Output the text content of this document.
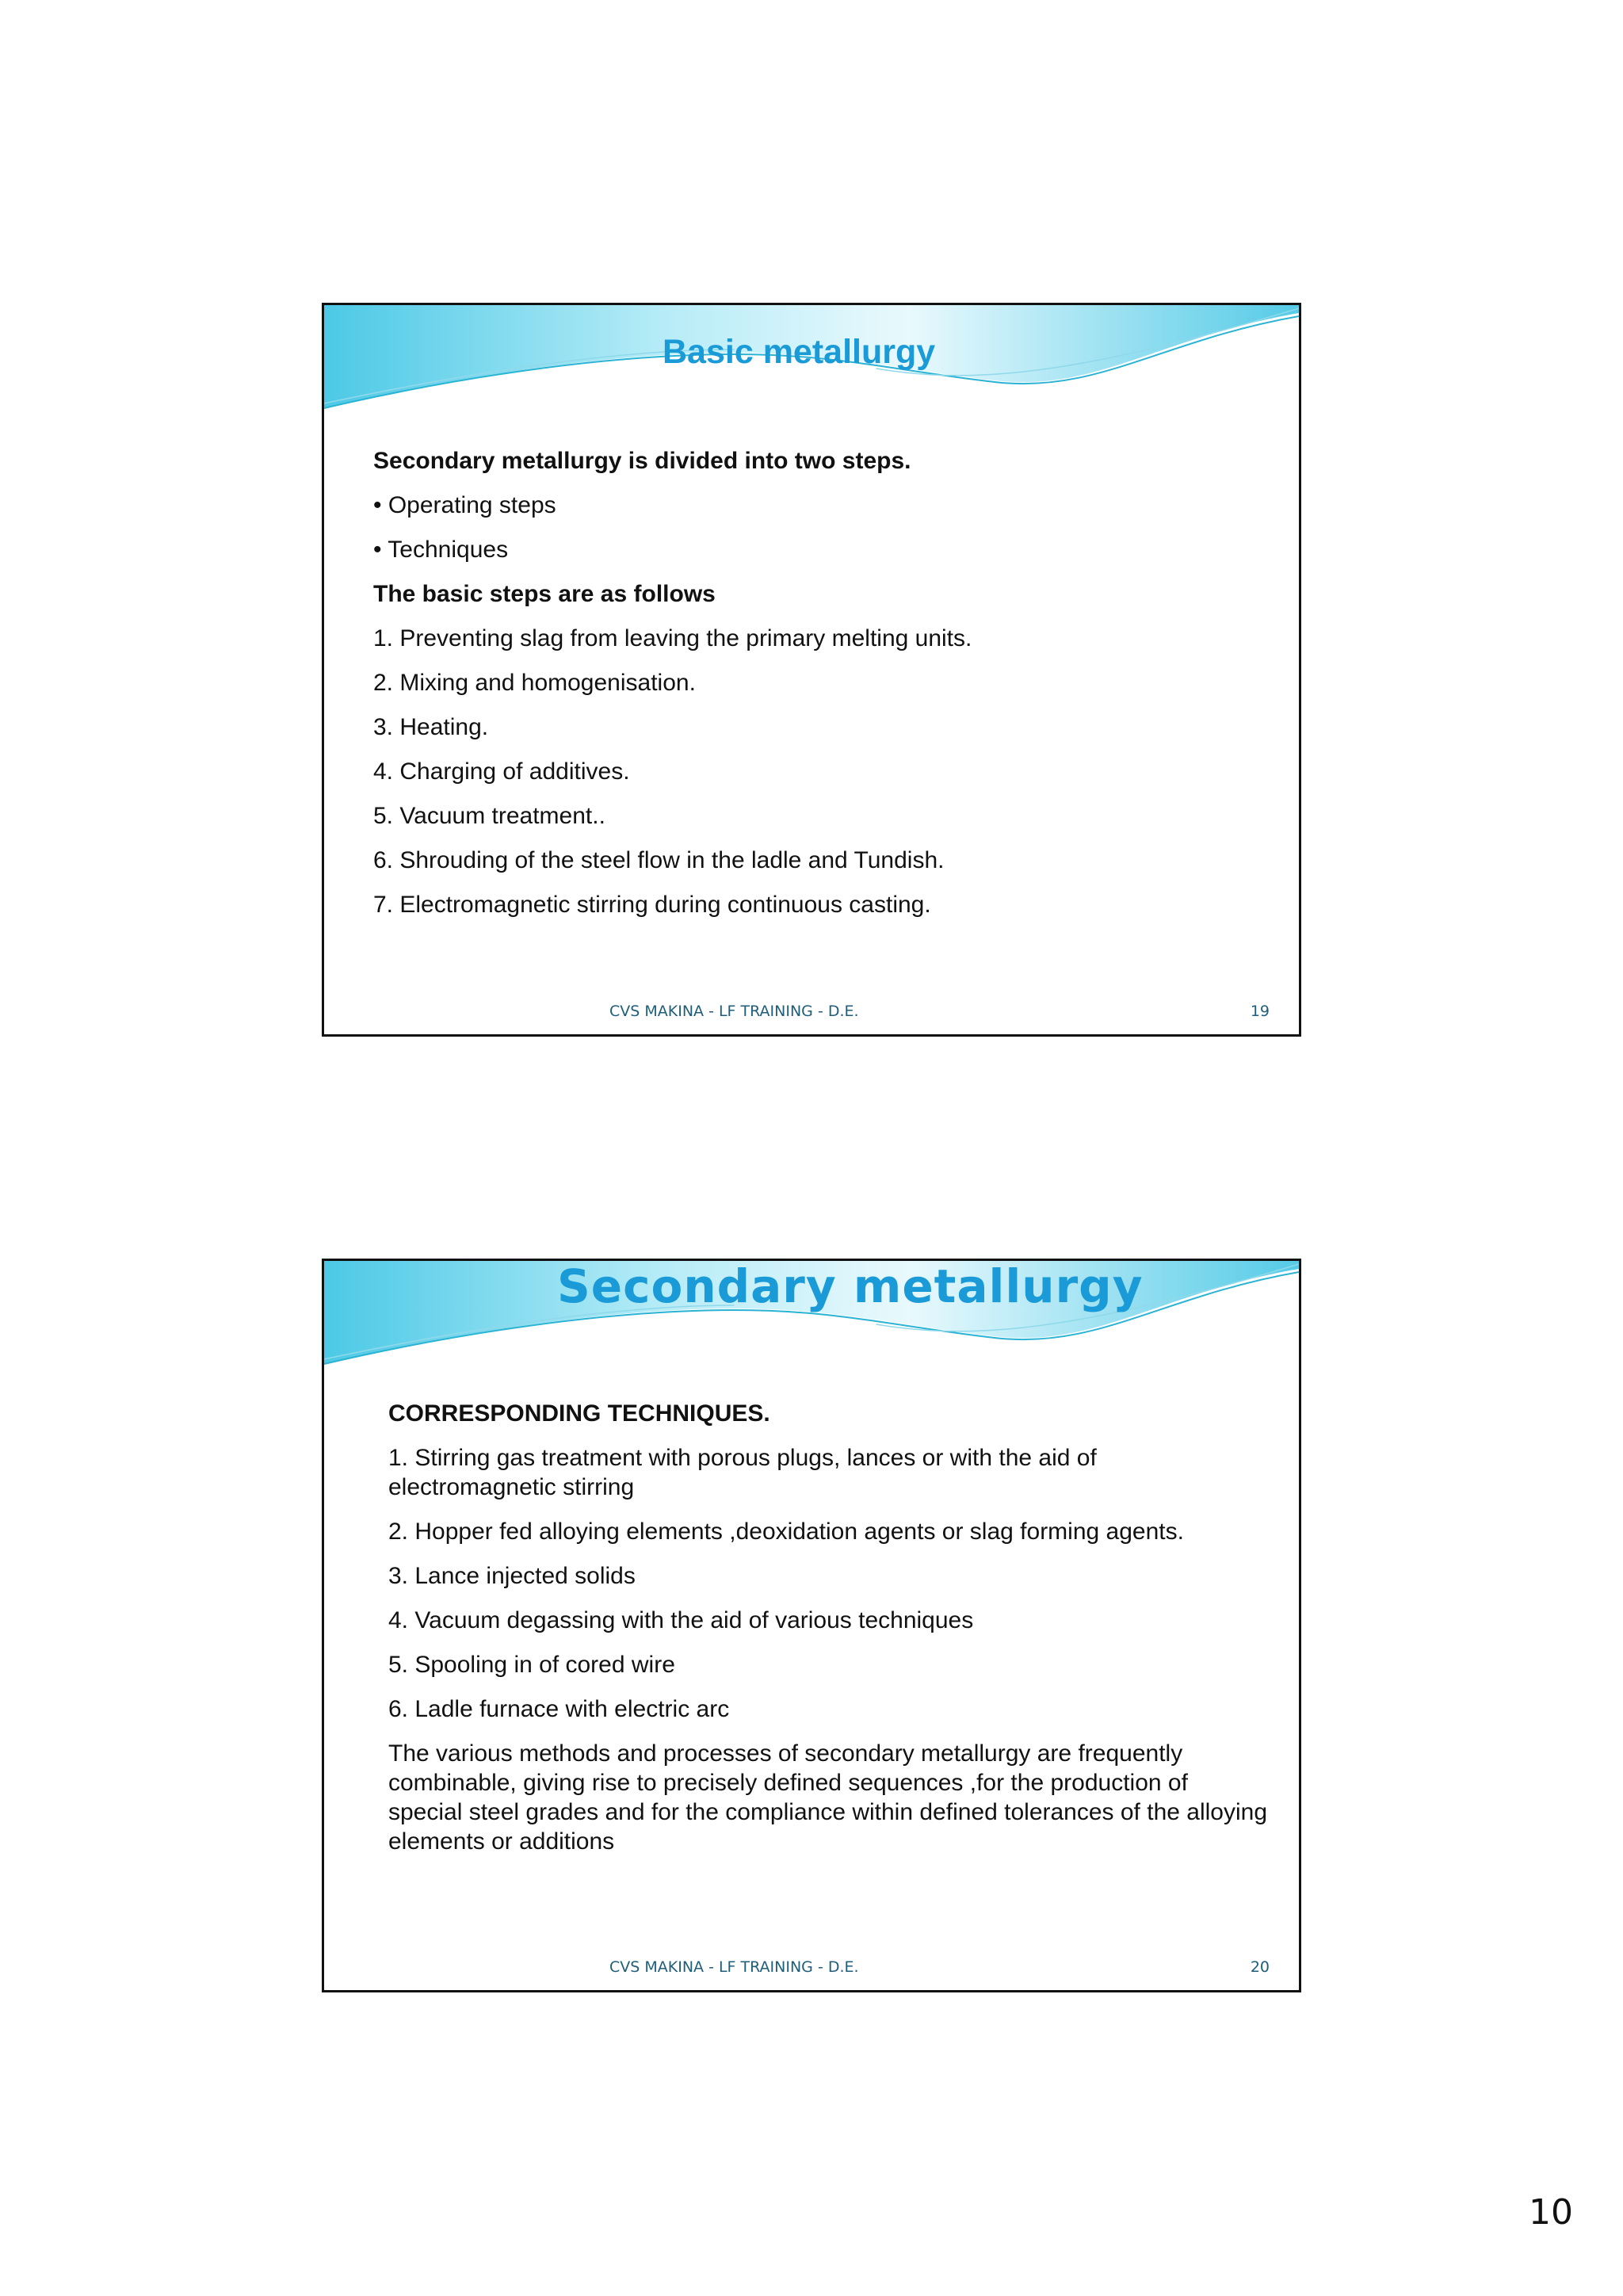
Basic metallurgy

Secondary metallurgy is divided into two steps.

• Operating steps

• Techniques

The basic steps are as follows

1. Preventing slag from leaving the primary melting units.

2. Mixing and homogenisation.

3. Heating.

4. Charging of additives.

5. Vacuum treatment..

6. Shrouding of the steel flow in the ladle and Tundish.

7. Electromagnetic stirring during continuous casting.

CVS MAKINA - LF TRAINING - D.E.	19
Secondary metallurgy

CORRESPONDING TECHNIQUES.

1. Stirring gas treatment with porous plugs, lances or with the aid of electromagnetic stirring

2. Hopper fed alloying elements ,deoxidation agents or slag forming agents.

3. Lance injected solids

4. Vacuum degassing with the aid of various techniques

5. Spooling in of cored wire

6. Ladle furnace with electric arc

The various methods and processes of secondary metallurgy are frequently combinable, giving rise to precisely defined sequences ,for the production of special steel grades and for the compliance within defined tolerances of the alloying elements or additions

CVS MAKINA - LF TRAINING - D.E.	20
10
